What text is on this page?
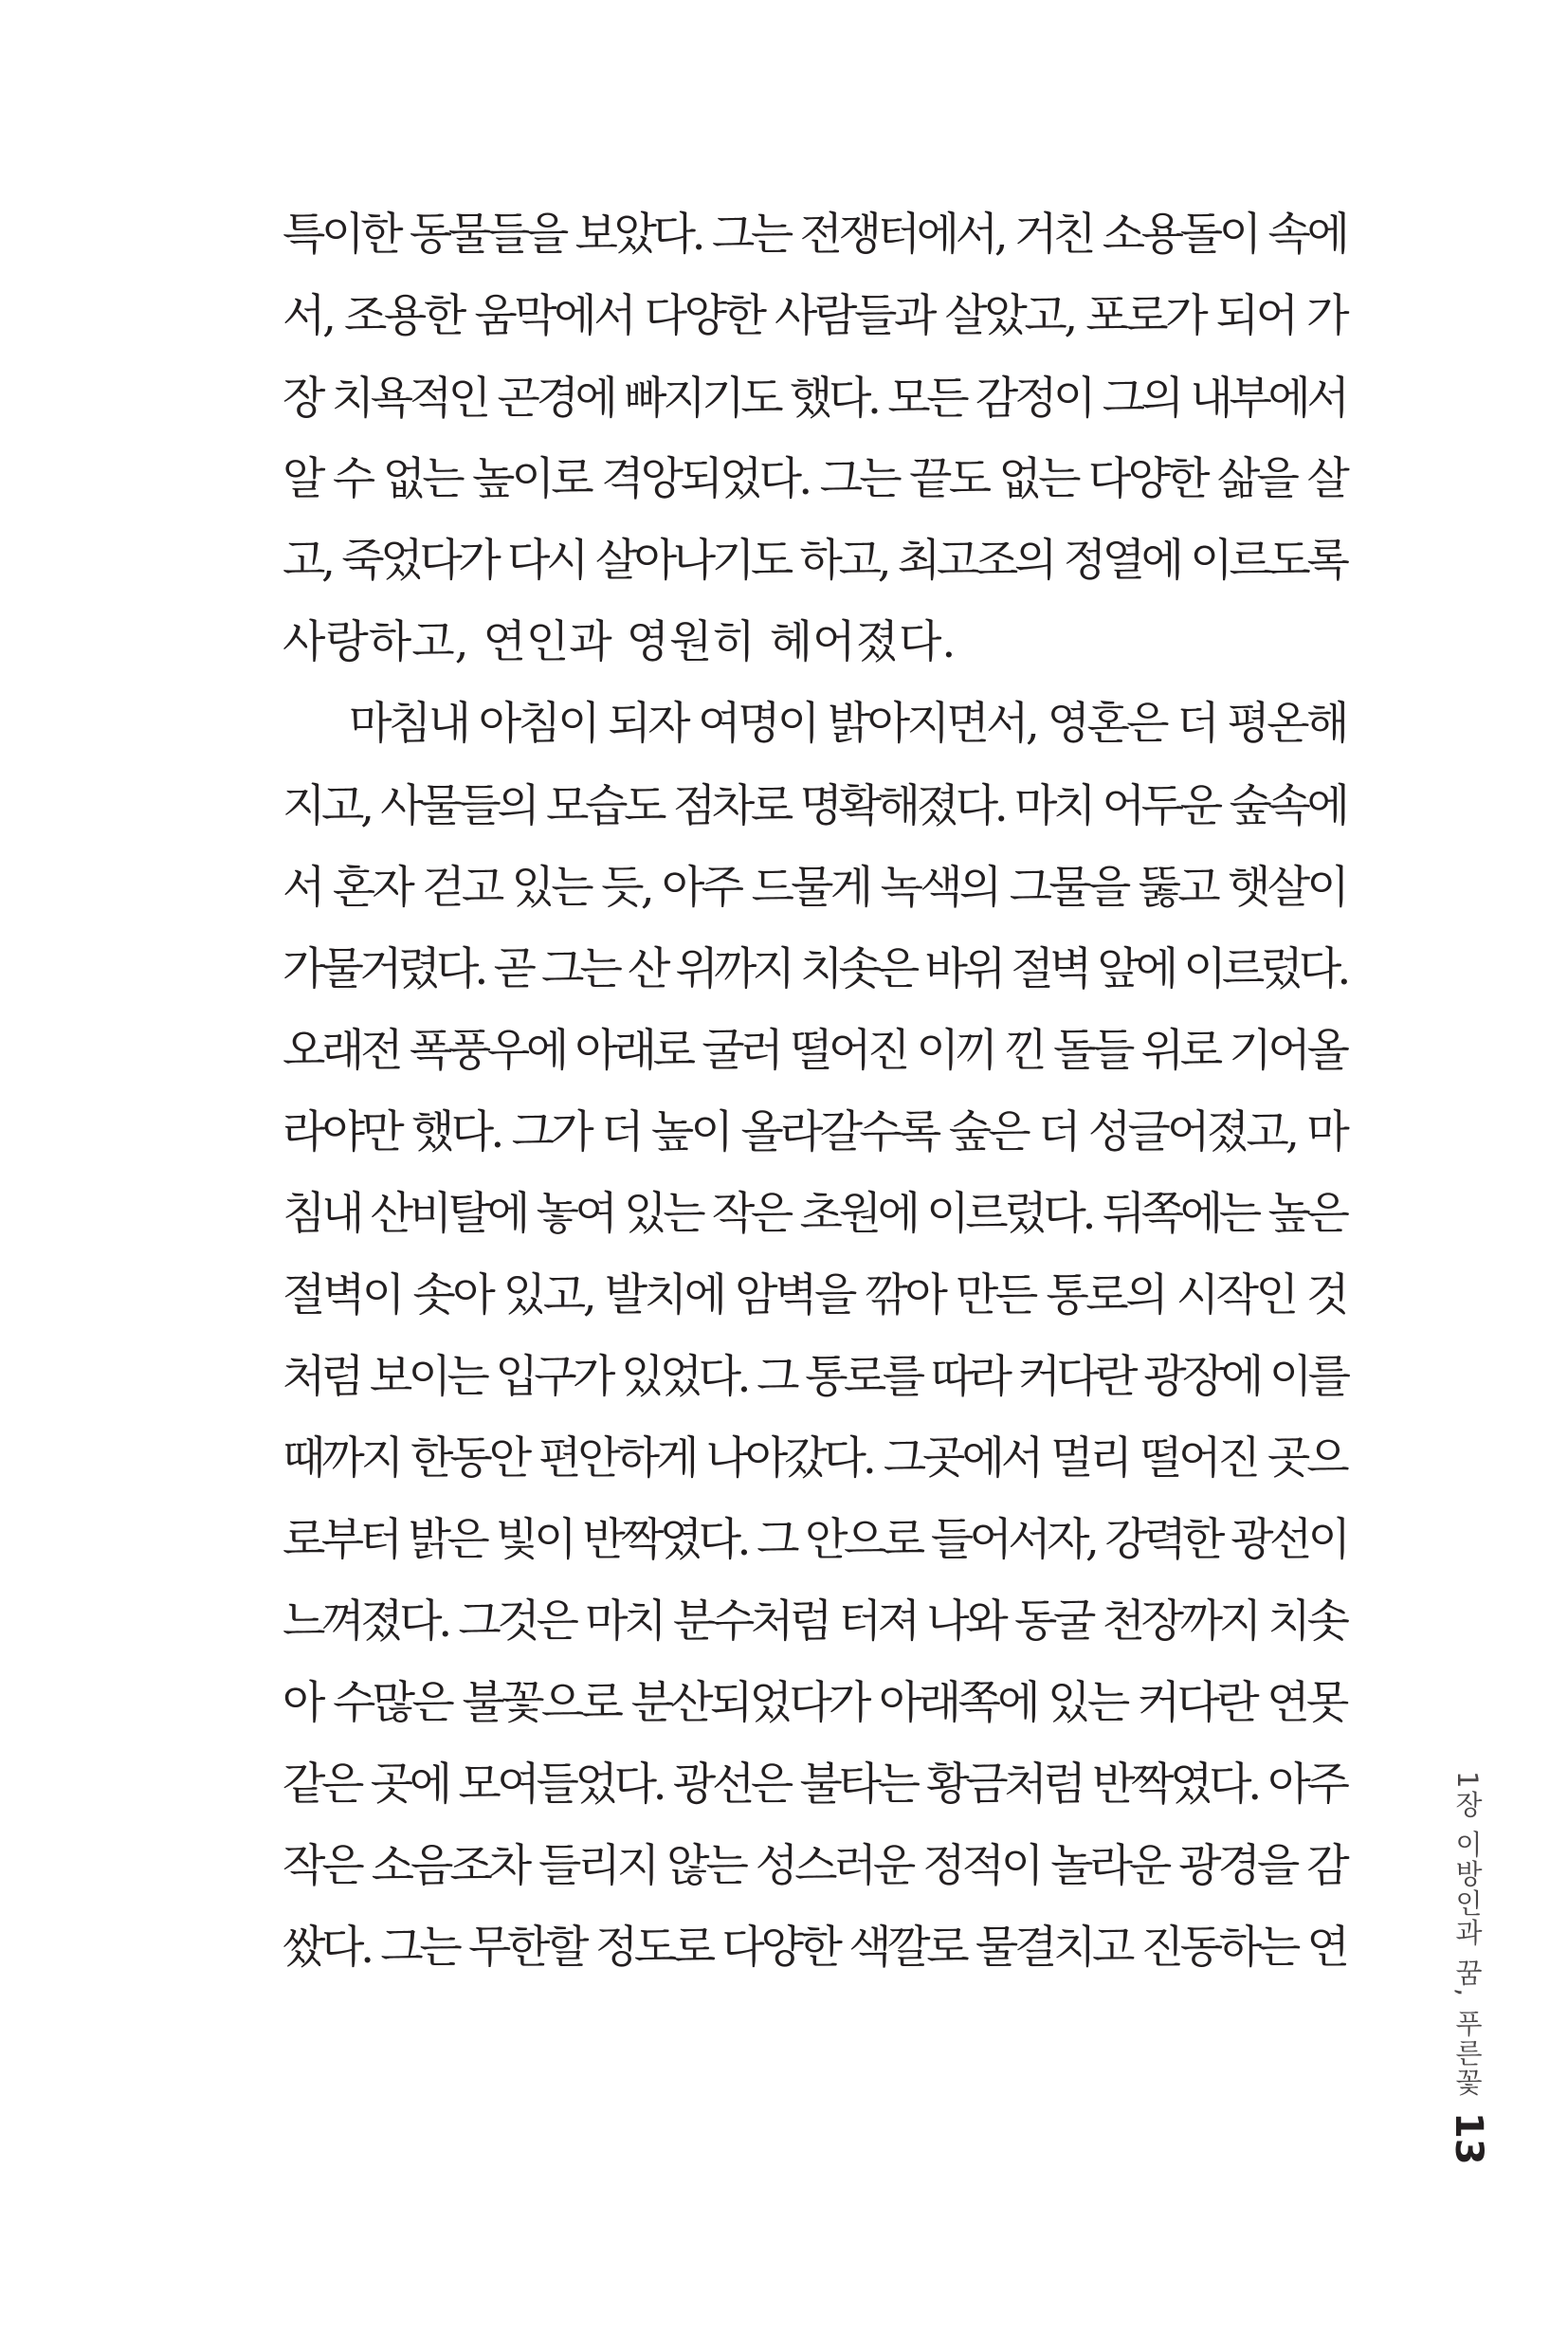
특이한 동물들을 보았다. 그는 전쟁터에서, 거친 소용돌이 속에
서, 조용한 움막에서 다양한 사람들과 살았고, 포로가 되어 가
장 치욕적인 곤경에 빠지기도 했다. 모든 감정이 그의 내부에서
알 수 없는 높이로 격앙되었다. 그는 끝도 없는 다양한 삶을 살
고, 죽었다가 다시 살아나기도 하고, 최고조의 정열에 이르도록
사랑하고, 연인과 영원히 헤어졌다.
마침내 아침이 되자 여명이 밝아지면서, 영혼은 더 평온해
지고, 사물들의 모습도 점차로 명확해졌다. 마치 어두운 숲속에
서 혼자 걷고 있는 듯, 아주 드물게 녹색의 그물을 뚫고 햇살이
가물거렸다. 곧 그는 산 위까지 치솟은 바위 절벽 앞에 이르렀다.
오래전 폭풍우에 아래로 굴러 떨어진 이끼 낀 돌들 위로 기어올
라야만 했다. 그가 더 높이 올라갈수록 숲은 더 성글어졌고, 마
침내 산비탈에 놓여 있는 작은 초원에 이르렀다. 뒤쪽에는 높은
절벽이 솟아 있고, 발치에 암벽을 깎아 만든 통로의 시작인 것
처럼 보이는 입구가 있었다. 그 통로를 따라 커다란 광장에 이를
때까지 한동안 편안하게 나아갔다. 그곳에서 멀리 떨어진 곳으
로부터 밝은 빛이 반짝였다. 그 안으로 들어서자, 강력한 광선이
느껴졌다. 그것은 마치 분수처럼 터져 나와 동굴 천장까지 치솟
아 수많은 불꽃으로 분산되었다가 아래쪽에 있는 커다란 연못
같은 곳에 모여들었다. 광선은 불타는 황금처럼 반짝였다. 아주
작은 소음조차 들리지 않는 성스러운 정적이 놀라운 광경을 감
쌌다. 그는 무한할 정도로 다양한 색깔로 물결치고 진동하는 연	1장 이방인과 꿈, 푸른꽃
13
